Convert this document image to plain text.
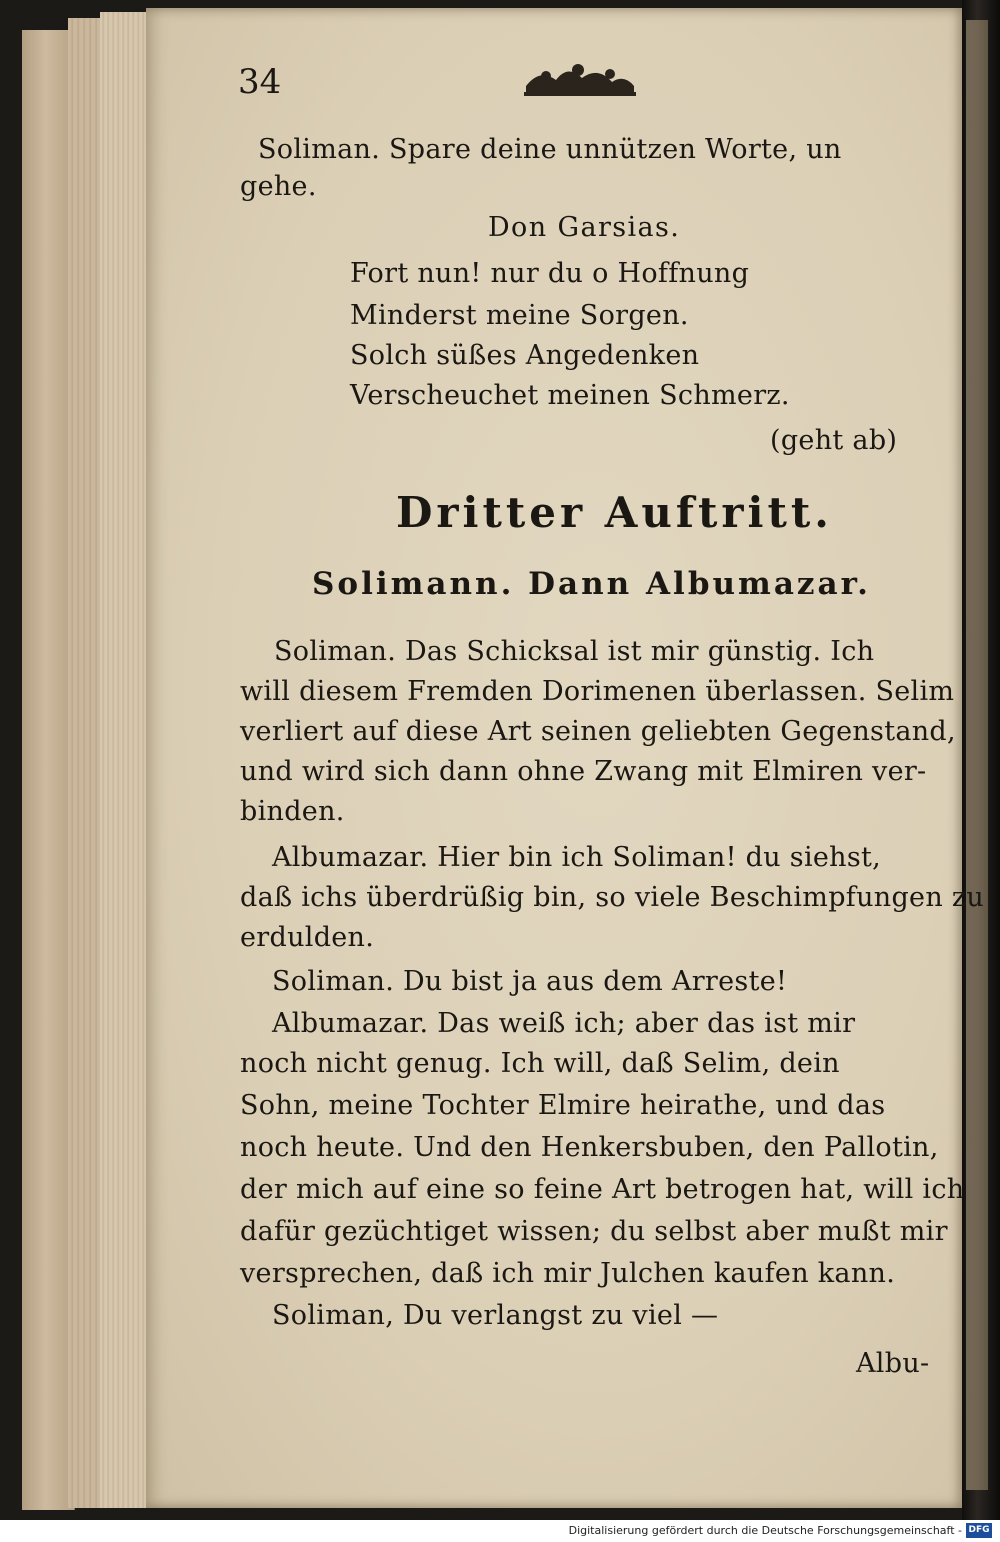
34
Soliman. Spare deine unnützen Worte, un
gehe.
Don Garsias.
Fort nun! nur du o Hoffnung
Minderst meine Sorgen.
Solch süßes Angedenken
Verscheuchet meinen Schmerz.
(geht ab)
Dritter Auftritt.
Solimann. Dann Albumazar.
Soliman. Das Schicksal ist mir günstig. Ich
will diesem Fremden Dorimenen überlassen. Selim
verliert auf diese Art seinen geliebten Gegenstand,
und wird sich dann ohne Zwang mit Elmiren ver-
binden.
Albumazar. Hier bin ich Soliman! du siehst,
daß ichs überdrüßig bin, so viele Beschimpfungen zu
erdulden.
Soliman. Du bist ja aus dem Arreste!
Albumazar. Das weiß ich; aber das ist mir
noch nicht genug. Ich will, daß Selim, dein
Sohn, meine Tochter Elmire heirathe, und das
noch heute. Und den Henkersbuben, den Pallotin,
der mich auf eine so feine Art betrogen hat, will ich
dafür gezüchtiget wissen; du selbst aber mußt mir
versprechen, daß ich mir Julchen kaufen kann.
Soliman, Du verlangst zu viel —
Albu-
Digitalisierung gefördert durch die Deutsche Forschungsgemeinschaft - DFG
